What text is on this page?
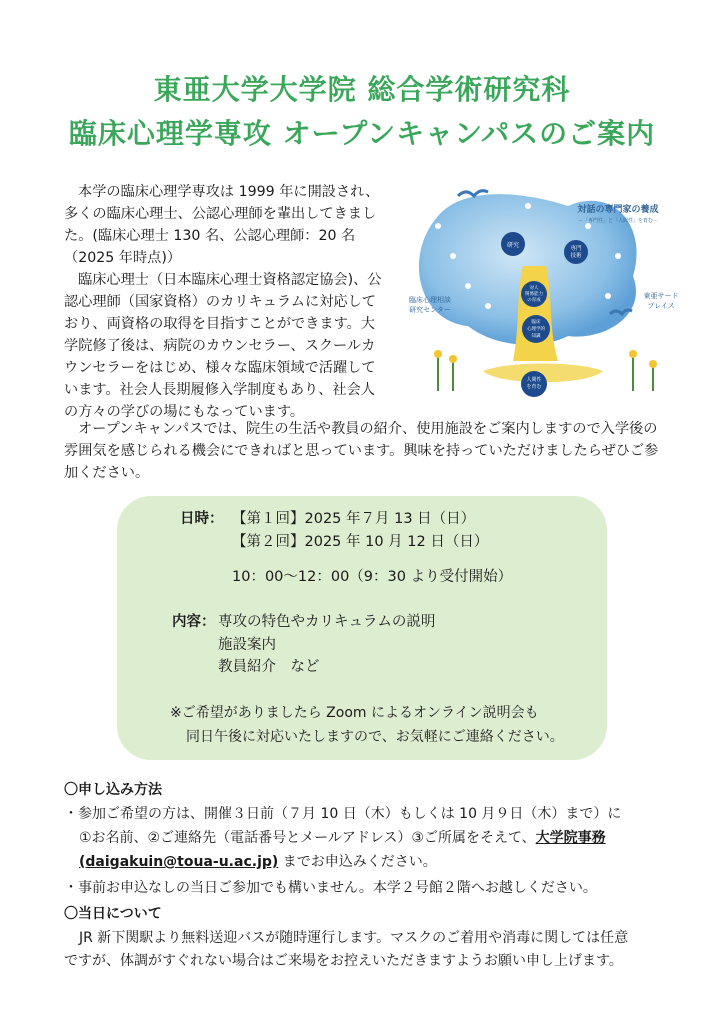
東亜大学大学院 総合学術研究科
臨床心理学専攻 オープンキャンパスのご案内

本学の臨床心理学専攻は 1999 年に開設され、多くの臨床心理士、公認心理師を輩出してきました。(臨床心理士 130 名、公認心理師：20 名（2025 年時点)）

臨床心理士（日本臨床心理士資格認定協会)、公認心理師（国家資格）のカリキュラムに対応しており、両資格の取得を目指すことができます。大学院修了後は、病院のカウンセラー、スクールカウンセラーをはじめ、様々な臨床領域で活躍しています。社会人長期履修入学制度もあり、社会人の方々の学びの場にもなっています。

オープンキャンパスでは、院生の生活や教員の紹介、使用施設をご案内しますので入学後の雰囲気を感じられる機会にできればと思っています。興味を持っていただけましたらぜひご参加ください。

対話の専門家の養成
－「専門性」と「人間性」を育む－
臨床心理相談
研究センター
東亜サード
プレイス
研究	専門
技術
対人
関係能力
の育成
臨床
心理学的
知識
人間性
を育む
日時： 【第１回】2025 年７月 13 日（日）
【第２回】2025 年 10 月 12 日（日）
10：00～12：00（9：30 より受付開始）
内容： 専攻の特色やカリキュラムの説明
施設案内
教員紹介　など
※ご希望がありましたら Zoom によるオンライン説明会も
同日午後に対応いたしますので、お気軽にご連絡ください。
〇申し込み方法
・参加ご希望の方は、開催３日前（７月 10 日（木）もしくは 10 月９日（木）まで）に
①お名前、②ご連絡先（電話番号とメールアドレス）③ご所属をそえて、大学院事務
(daigakuin@toua-u.ac.jp) までお申込みください。
・事前お申込なしの当日ご参加でも構いません。本学２号館２階へお越しください。
〇当日について
JR 新下関駅より無料送迎バスが随時運行します。マスクのご着用や消毒に関しては任意
ですが、体調がすぐれない場合はご来場をお控えいただきますようお願い申し上げます。
